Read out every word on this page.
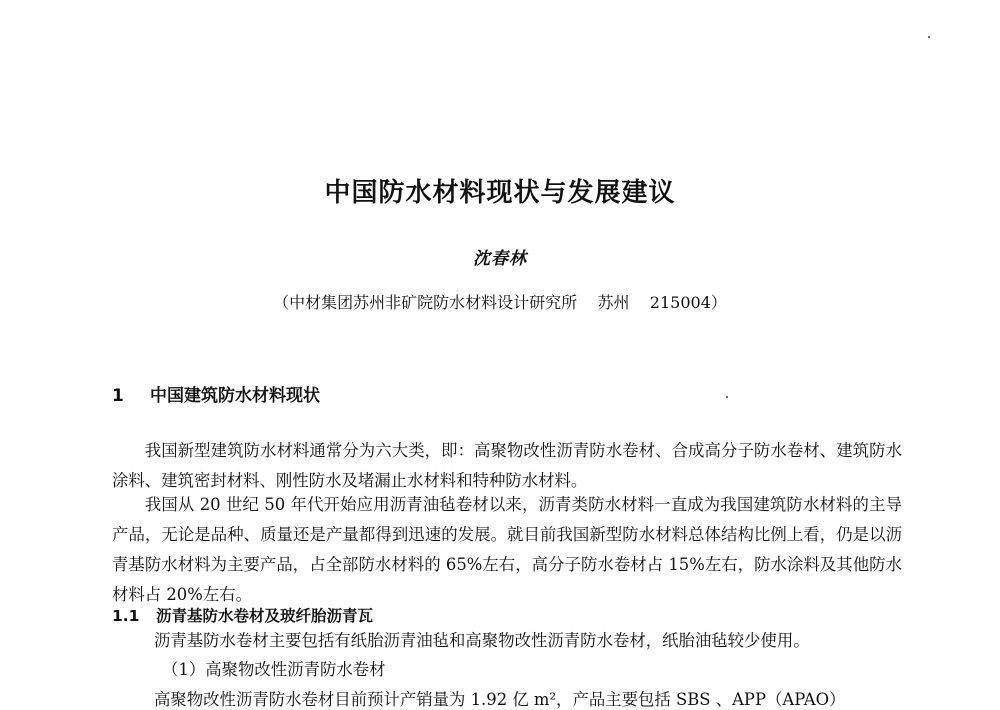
中国防水材料现状与发展建议
沈春林
（中材集团苏州非矿院防水材料设计研究所    苏州    215004）
1 中国建筑防水材料现状
我国新型建筑防水材料通常分为六大类，即：高聚物改性沥青防水卷材、合成高分子防水卷材、建筑防水涂料、建筑密封材料、刚性防水及堵漏止水材料和特种防水材料。
我国从 20 世纪 50 年代开始应用沥青油毡卷材以来，沥青类防水材料一直成为我国建筑防水材料的主导产品，无论是品种、质量还是产量都得到迅速的发展。就目前我国新型防水材料总体结构比例上看，仍是以沥青基防水材料为主要产品，占全部防水材料的 65%左右，高分子防水卷材占 15%左右，防水涂料及其他防水材料占 20%左右。
1.1 沥青基防水卷材及玻纤胎沥青瓦
沥青基防水卷材主要包括有纸胎沥青油毡和高聚物改性沥青防水卷材，纸胎油毡较少使用。
（1）高聚物改性沥青防水卷材
高聚物改性沥青防水卷材目前预计产销量为 1.92 亿 m²，产品主要包括 SBS 、APP（APAO）
